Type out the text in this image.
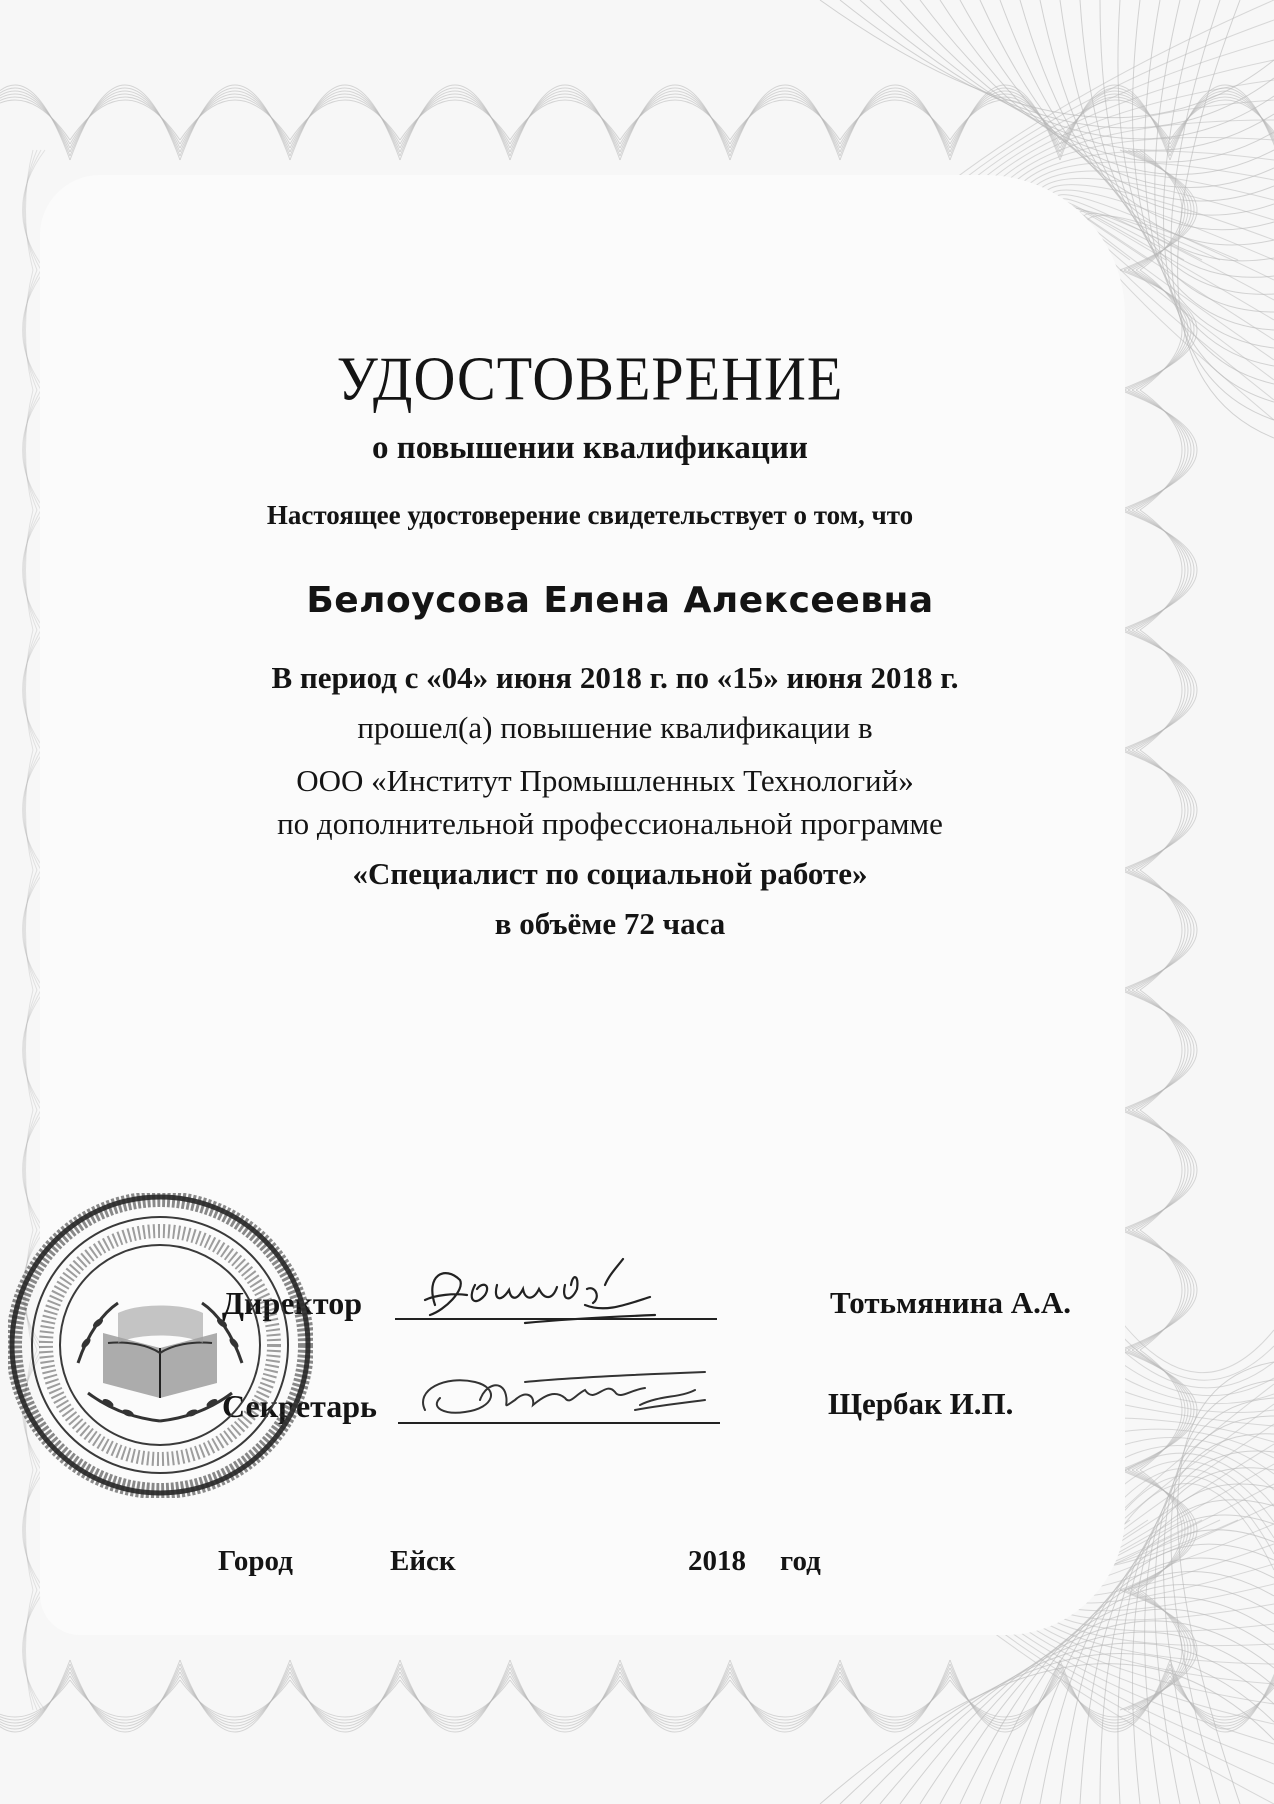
УДОСТОВЕРЕНИЕ
о повышении квалификации
Настоящее удостоверение свидетельствует о том, что
Белоусова Елена Алексеевна
В период с «04» июня 2018 г. по «15» июня 2018 г.
прошел(а) повышение квалификации в
ООО «Институт Промышленных Технологий»
по дополнительной профессиональной программе
«Специалист по социальной работе»
в объёме 72 часа
Директор	Тотьмянина А.А.
Секретарь	Щербак И.П.
Город	Ейск	2018 год
